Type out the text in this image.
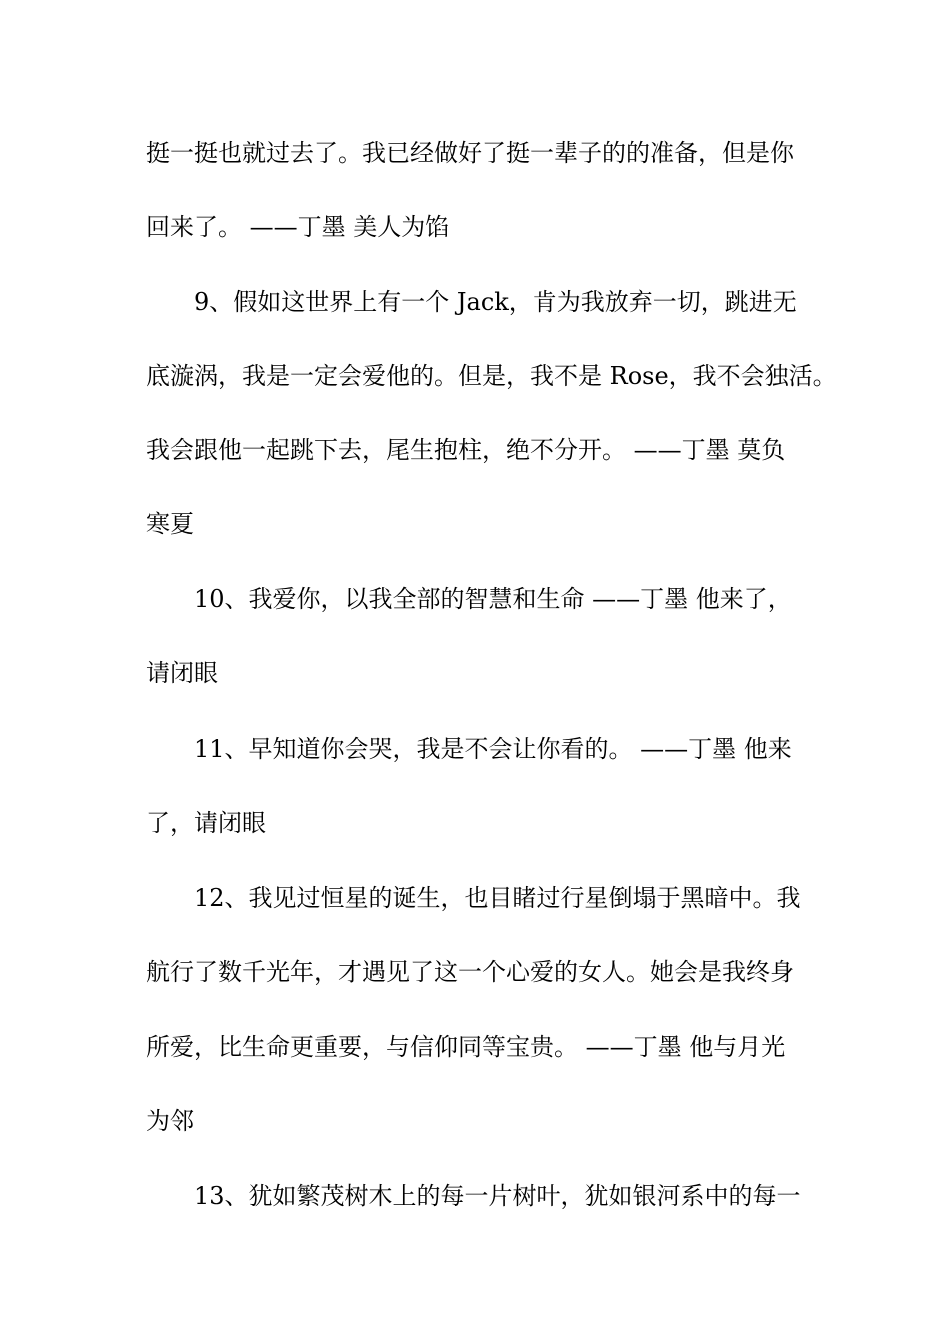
挺一挺也就过去了。我已经做好了挺一辈子的的准备，但是你
回来了。 ——丁墨 美人为馅
9、假如这世界上有一个 Jack，肯为我放弃一切，跳进无
底漩涡，我是一定会爱他的。但是，我不是 Rose，我不会独活。
我会跟他一起跳下去，尾生抱柱，绝不分开。 ——丁墨 莫负
寒夏
10、我爱你，以我全部的智慧和生命 ——丁墨 他来了，
请闭眼
11、早知道你会哭，我是不会让你看的。 ——丁墨 他来
了，请闭眼
12、我见过恒星的诞生，也目睹过行星倒塌于黑暗中。我
航行了数千光年，才遇见了这一个心爱的女人。她会是我终身
所爱，比生命更重要，与信仰同等宝贵。 ——丁墨 他与月光
为邻
13、犹如繁茂树木上的每一片树叶，犹如银河系中的每一
